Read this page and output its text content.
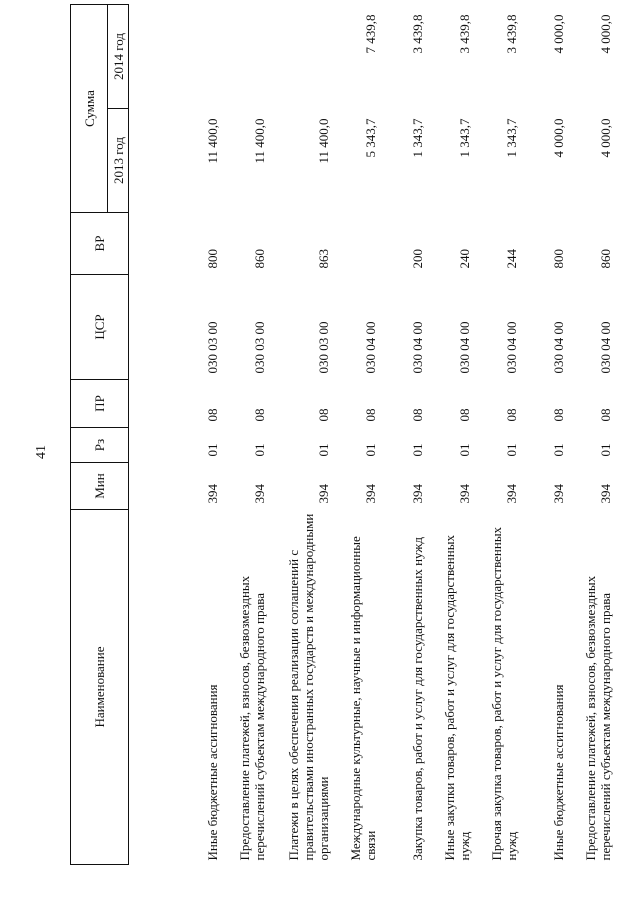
41
Наименование	Мин	Рз	ПР	ЦСР	ВР	Сумма	
						2013 год	2014 год

Иные бюджетные ассигнования	394	01	08	030 03 00	800	11 400,0	
Предоставление платежей, взносов, безвозмездных перечислений субъектам международного права	394	01	08	030 03 00	860	11 400,0	
Платежи в целях обеспечения реализации соглашений с правительствами иностранных государств и международными организациями	394	01	08	030 03 00	863	11 400,0	
Международные культурные, научные и информационные связи	394	01	08	030 04 00		5 343,7	7 439,8
Закупка товаров, работ и услуг для государственных нужд	394	01	08	030 04 00	200	1 343,7	3 439,8
Иные закупки товаров, работ и услуг для государственных нужд	394	01	08	030 04 00	240	1 343,7	3 439,8
Прочая закупка товаров, работ и услуг для государственных нужд	394	01	08	030 04 00	244	1 343,7	3 439,8
Иные бюджетные ассигнования	394	01	08	030 04 00	800	4 000,0	4 000,0
Предоставление платежей, взносов, безвозмездных перечислений субъектам международного права	394	01	08	030 04 00	860	4 000,0	4 000,0
